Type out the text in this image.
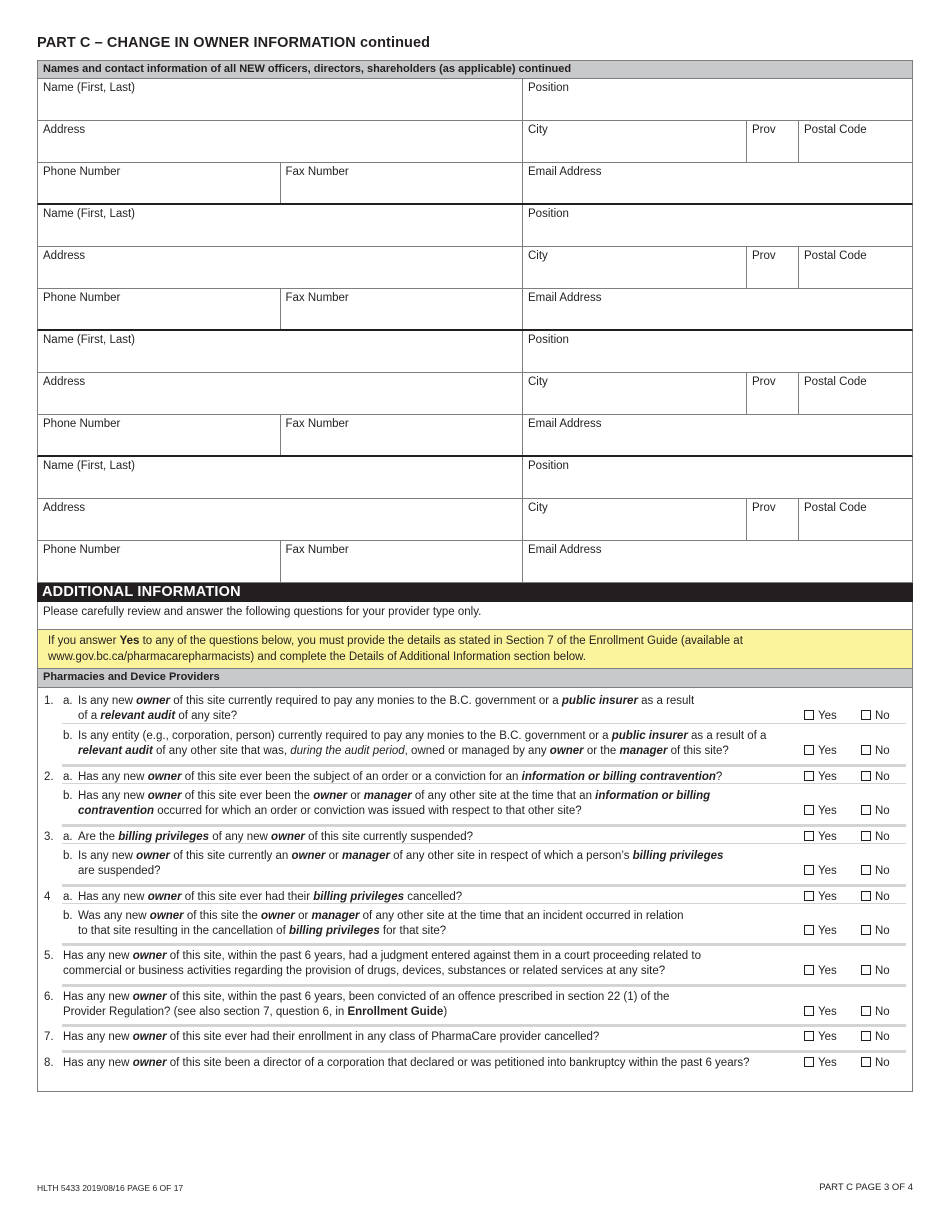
PART C – CHANGE IN OWNER INFORMATION continued
Names and contact information of all NEW officers, directors, shareholders (as applicable) continued
Name (First, Last)	Position
Address	City	Prov	Postal Code
Phone Number	Fax Number	Email Address
Name (First, Last)	Position
Address	City	Prov	Postal Code
Phone Number	Fax Number	Email Address
Name (First, Last)	Position
Address	City	Prov	Postal Code
Phone Number	Fax Number	Email Address
Name (First, Last)	Position
Address	City	Prov	Postal Code
Phone Number	Fax Number	Email Address
ADDITIONAL INFORMATION
Please carefully review and answer the following questions for your provider type only.
If you answer Yes to any of the questions below, you must provide the details as stated in Section 7 of the Enrollment Guide (available at www.gov.bc.ca/pharmacarepharmacists) and complete the Details of Additional Information section below.
Pharmacies and Device Providers
1. a. Is any new owner of this site currently required to pay any monies to the B.C. government or a public insurer as a result
of a relevant audit of any site?	Yes	No
b. Is any entity (e.g., corporation, person) currently required to pay any monies to the B.C. government or a public insurer as a result of a
relevant audit of any other site that was, during the audit period, owned or managed by any owner or the manager of this site?	Yes	No
2. a. Has any new owner of this site ever been the subject of an order or a conviction for an information or billing contravention?	Yes	No
b. Has any new owner of this site ever been the owner or manager of any other site at the time that an information or billing
contravention occurred for which an order or conviction was issued with respect to that other site?	Yes	No
3. a. Are the billing privileges of any new owner of this site currently suspended?	Yes	No
b. Is any new owner of this site currently an owner or manager of any other site in respect of which a person’s billing privileges
are suspended?	Yes	No
4 a. Has any new owner of this site ever had their billing privileges cancelled?	Yes	No
b. Was any new owner of this site the owner or manager of any other site at the time that an incident occurred in relation
to that site resulting in the cancellation of billing privileges for that site?	Yes	No
5. Has any new owner of this site, within the past 6 years, had a judgment entered against them in a court proceeding related to
commercial or business activities regarding the provision of drugs, devices, substances or related services at any site?	Yes	No
6. Has any new owner of this site, within the past 6 years, been convicted of an offence prescribed in section 22 (1) of the
Provider Regulation? (see also section 7, question 6, in Enrollment Guide)	Yes	No
7. Has any new owner of this site ever had their enrollment in any class of PharmaCare provider cancelled?	Yes	No
8. Has any new owner of this site been a director of a corporation that declared or was petitioned into bankruptcy within the past 6 years?	Yes	No
HLTH 5433 2019/08/16 PAGE 6 OF 17	PART C PAGE 3 OF 4
